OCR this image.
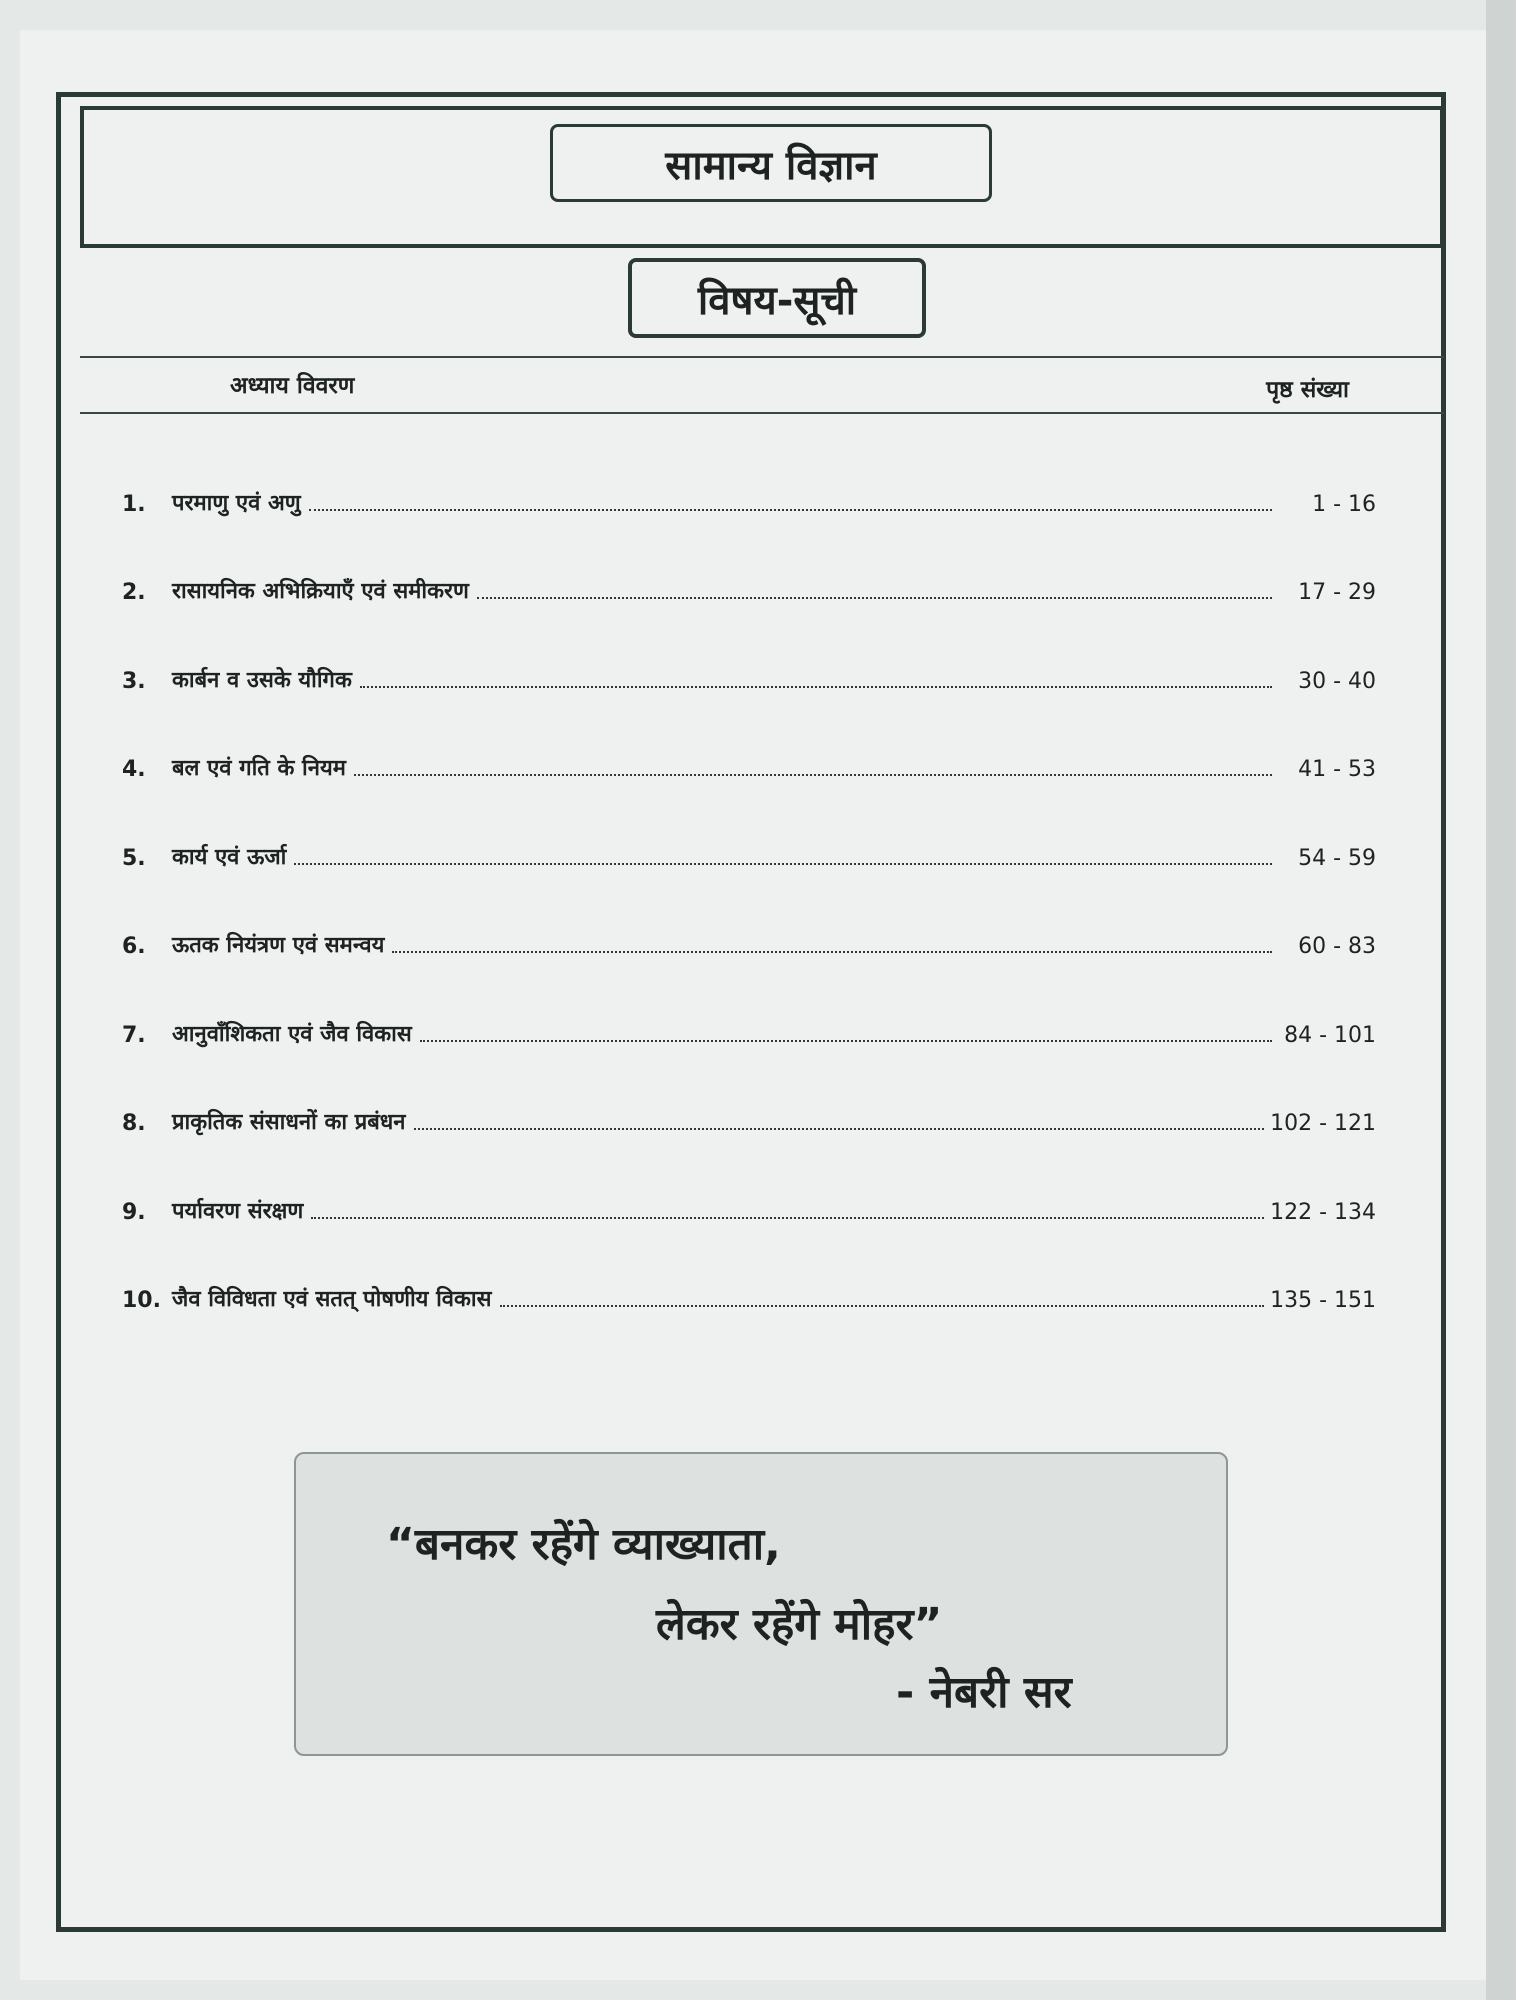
सामान्य विज्ञान
विषय-सूची
अध्याय विवरण	पृष्ठ संख्या
1.	परमाणु एवं अणु	1 - 16
2.	रासायनिक अभिक्रियाएँ एवं समीकरण	17 - 29
3.	कार्बन व उसके यौगिक	30 - 40
4.	बल एवं गति के नियम	41 - 53
5.	कार्य एवं ऊर्जा	54 - 59
6.	ऊतक नियंत्रण एवं समन्वय	60 - 83
7.	आनुवाँशिकता एवं जैव विकास	84 - 101
8.	प्राकृतिक संसाधनों का प्रबंधन	102 - 121
9.	पर्यावरण संरक्षण	122 - 134
10. जैव विविधता एवं सतत् पोषणीय विकास	135 - 151
“बनकर रहेंगे व्याख्याता,
लेकर रहेंगे मोहर”
- नेबरी सर
